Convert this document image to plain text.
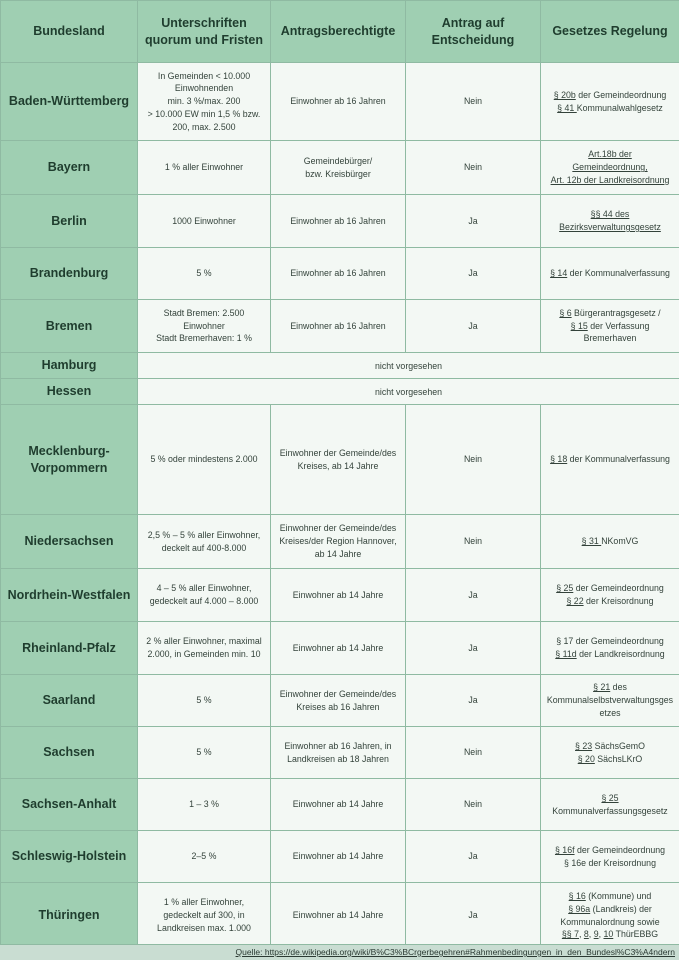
Bundesland	Unterschriften quorum und Fristen	Antragsberechtigte	Antrag auf Entscheidung	Gesetzes Regelung
Baden-Württemberg	In Gemeinden < 10.000
Einwohnenden
min. 3 %/max. 200
> 10.000 EW min 1,5 % bzw.
200, max. 2.500	Einwohner ab 16 Jahren	Nein	§ 20b der Gemeindeordnung
§ 41 Kommunalwahlgesetz

Bayern	1 % aller Einwohner	Gemeindebürger/
bzw. Kreisbürger	Nein	Art.18b der
Gemeindeordnung,
Art. 12b der Landkreisordnung

Berlin	1000 Einwohner	Einwohner ab 16 Jahren	Ja	§§ 44 des
Bezirksverwaltungsgesetz

Brandenburg	5 %	Einwohner ab 16 Jahren	Ja	§ 14 der Kommunalverfassung

Bremen	Stadt Bremen: 2.500
Einwohner
Stadt Bremerhaven: 1 %	Einwohner ab 16 Jahren	Ja	§ 6 Bürgerantragsgesetz /
§ 15 der Verfassung
Bremerhaven

Hamburg	nicht vorgesehen			
Hessen	nicht vorgesehen			
Mecklenburg-Vorpommern	5 % oder mindestens 2.000	Einwohner der Gemeinde/des
Kreises, ab 14 Jahre	Nein	§ 18 der Kommunalverfassung

Niedersachsen	2,5 % – 5 % aller Einwohner,
deckelt auf 400-8.000	Einwohner der Gemeinde/des
Kreises/der Region Hannover,
ab 14 Jahre	Nein	§ 31 NKomVG

Nordrhein-Westfalen	4 – 5 % aller Einwohner,
gedeckelt auf 4.000 – 8.000	Einwohner ab 14 Jahre	Ja	§ 25 der Gemeindeordnung
§ 22 der Kreisordnung

Rheinland-Pfalz	2 % aller Einwohner, maximal
2.000, in Gemeinden min. 10	Einwohner ab 14 Jahre	Ja	§ 17 der Gemeindeordnung
§ 11d der Landkreisordnung

Saarland	5 %	Einwohner der Gemeinde/des
Kreises ab 16 Jahren	Ja	§ 21 des
Kommunalselbstverwaltungsges
etzes

Sachsen	5 %	Einwohner ab 16 Jahren, in
Landkreisen ab 18 Jahren	Nein	§ 23 SächsGemO
§ 20 SächsLKrO

Sachsen-Anhalt	1 – 3 %	Einwohner ab 14 Jahre	Nein	§ 25
Kommunalverfassungsgesetz

Schleswig-Holstein	2–5 %	Einwohner ab 14 Jahre	Ja	§ 16f der Gemeindeordnung
§ 16e der Kreisordnung

Thüringen	1 % aller Einwohner,
gedeckelt auf 300, in
Landkreisen max. 1.000	Einwohner ab 14 Jahre	Ja	§ 16 (Kommune) und
§ 96a (Landkreis) der
Kommunalordnung sowie
§§ 7, 8, 9, 10 ThürEBBG
Quelle: https://de.wikipedia.org/wiki/B%C3%BCrgerbegehren#Rahmenbedingungen_in_den_Bundesl%C3%A4ndern
